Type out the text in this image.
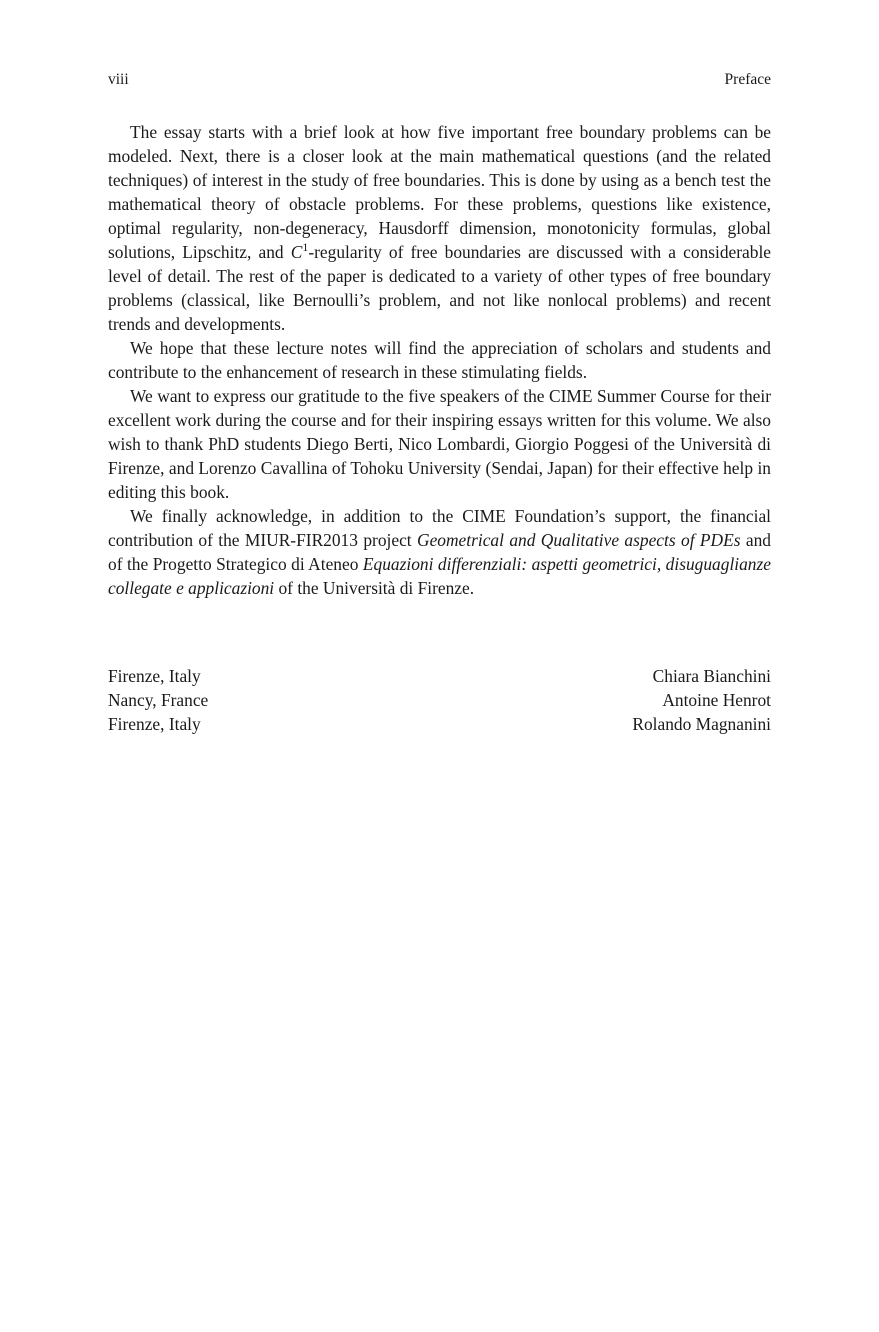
viii	Preface

The essay starts with a brief look at how five important free boundary problems can be modeled. Next, there is a closer look at the main mathematical questions (and the related techniques) of interest in the study of free boundaries. This is done by using as a bench test the mathematical theory of obstacle problems. For these problems, questions like existence, optimal regularity, non-degeneracy, Hausdorff dimension, monotonicity formulas, global solutions, Lipschitz, and $C^1$-regularity of free boundaries are discussed with a considerable level of detail. The rest of the paper is dedicated to a variety of other types of free boundary problems (classical, like Bernoulli’s problem, and not like nonlocal problems) and recent trends and developments.

We hope that these lecture notes will find the appreciation of scholars and students and contribute to the enhancement of research in these stimulating fields.

We want to express our gratitude to the five speakers of the CIME Summer Course for their excellent work during the course and for their inspiring essays written for this volume. We also wish to thank PhD students Diego Berti, Nico Lombardi, Giorgio Poggesi of the Università di Firenze, and Lorenzo Cavallina of Tohoku University (Sendai, Japan) for their effective help in editing this book.

We finally acknowledge, in addition to the CIME Foundation’s support, the financial contribution of the MIUR-FIR2013 project Geometrical and Qualitative aspects of PDEs and of the Progetto Strategico di Ateneo Equazioni differenziali: aspetti geometrici, disuguaglianze collegate e applicazioni of the Università di Firenze.

Firenze, Italy	Chiara Bianchini
Nancy, France	Antoine Henrot
Firenze, Italy	Rolando Magnanini
